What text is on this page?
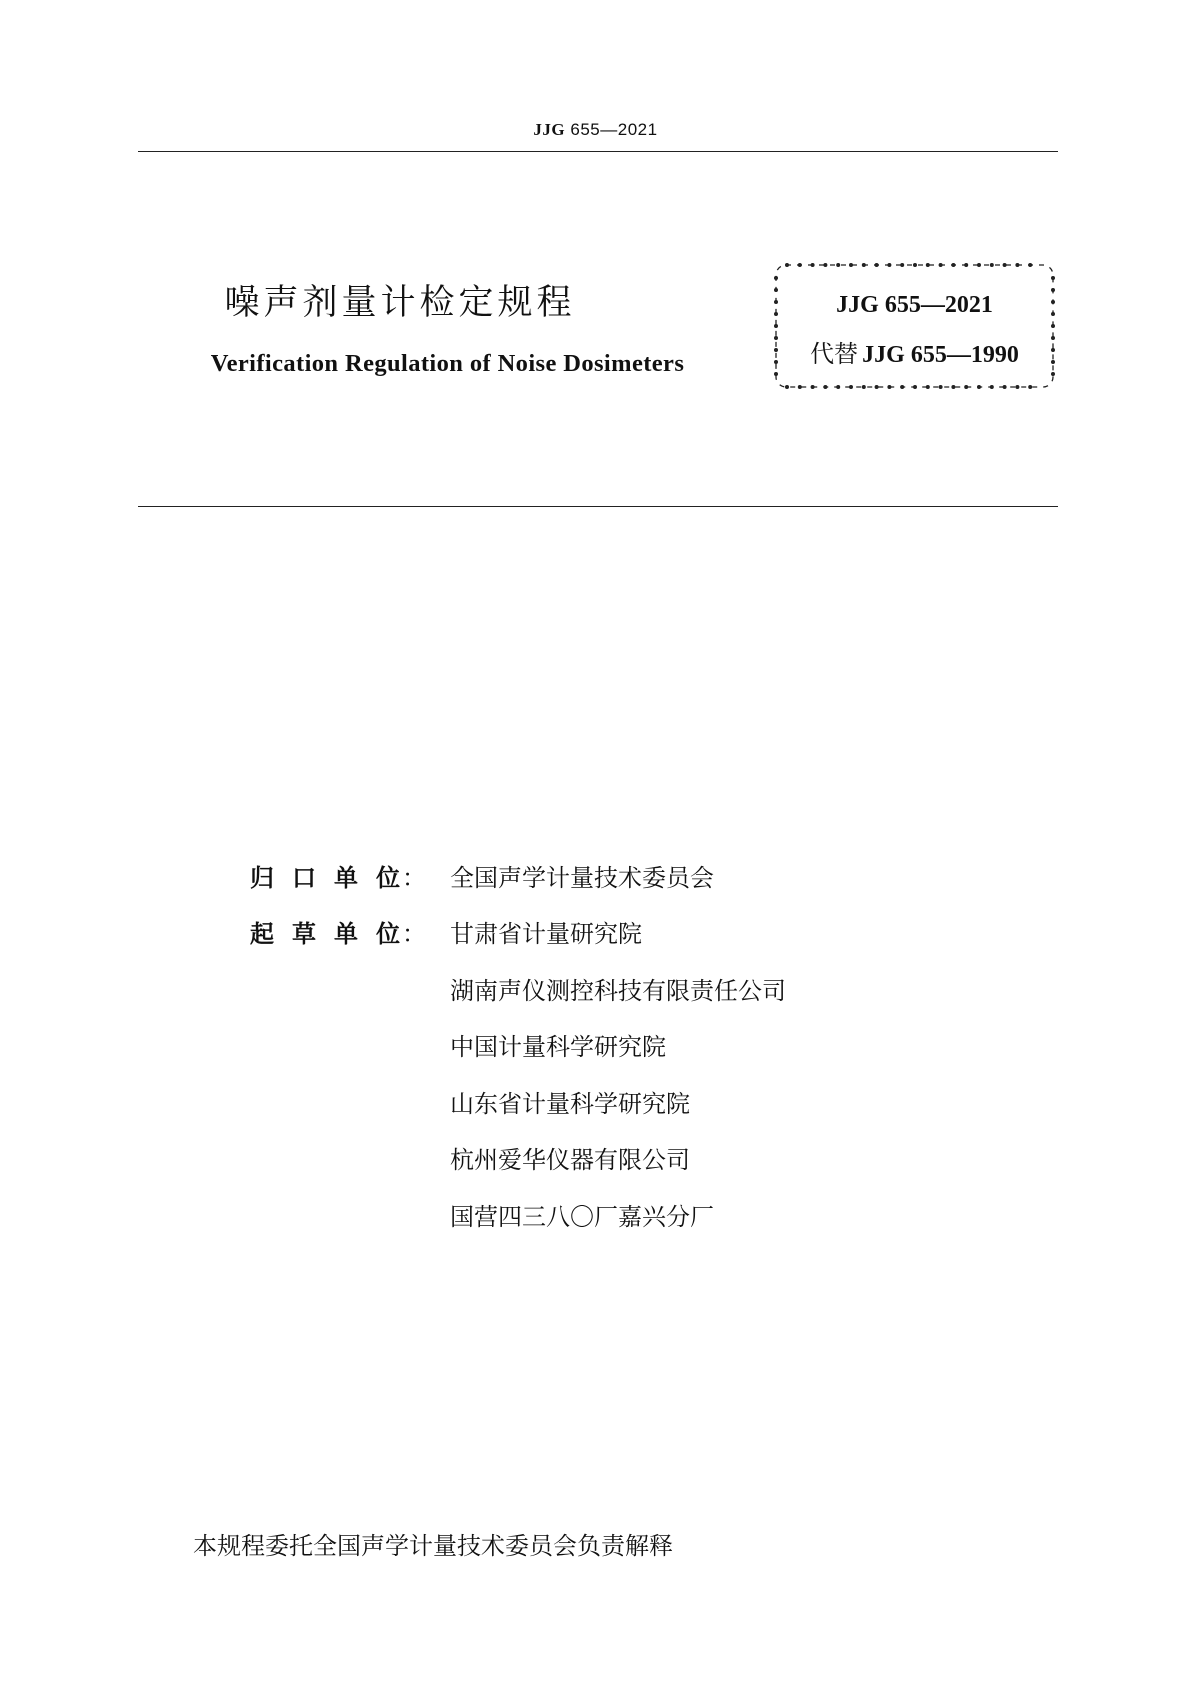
JJG 655—2021
噪声剂量计检定规程
Verification Regulation of Noise Dosimeters
JJG 655—2021
代替 JJG 655—1990
归 口 单 位： 全国声学计量技术委员会
起 草 单 位： 甘肃省计量研究院
湖南声仪测控科技有限责任公司
中国计量科学研究院
山东省计量科学研究院
杭州爱华仪器有限公司
国营四三八〇厂嘉兴分厂
本规程委托全国声学计量技术委员会负责解释
